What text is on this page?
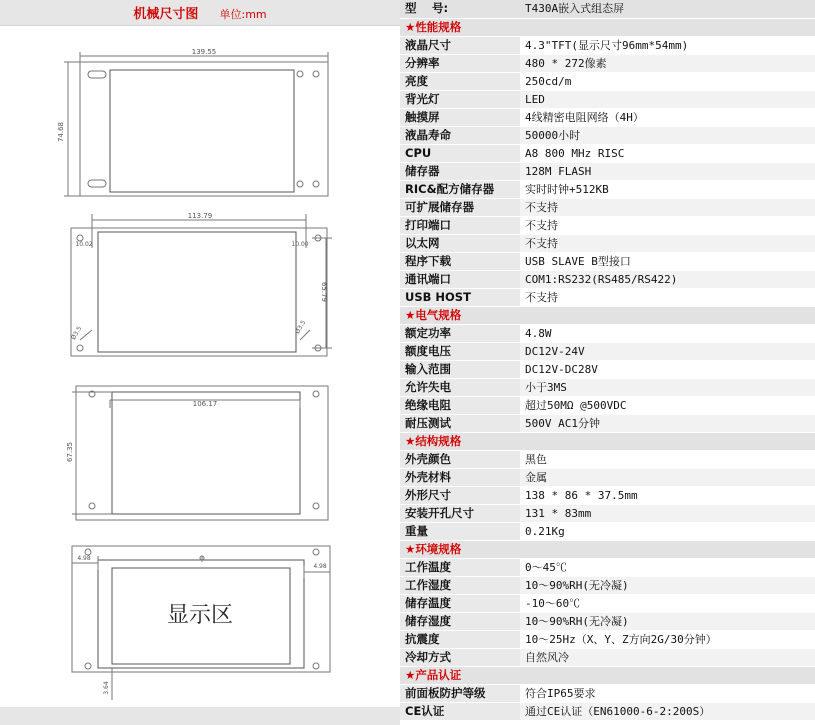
机械尺寸图 单位:mm
139.55
74.68
113.79
10.02	10.00
65.79
Ø3.5	Ø3.5
106.17
67.35
4.98
4.98
3.64
显示区
型　 号:	T430A嵌入式组态屏
★性能规格	
液晶尺寸	4.3"TFT(显示尺寸96mm*54mm)
分辨率	480 * 272像素
亮度	250cd/m
背光灯	LED
触摸屏	4线精密电阻网络（4H）
液晶寿命	50000小时
CPU	A8 800 MHz RISC
储存器	128M FLASH
RIC&配方储存器	实时时钟+512KB
可扩展储存器	不支持
打印端口	不支持
以太网	不支持
程序下载	USB SLAVE B型接口
通讯端口	COM1:RS232(RS485/RS422)
USB HOST	不支持
★电气规格	
额定功率	4.8W
额度电压	DC12V-24V
输入范围	DC12V-DC28V
允许失电	小于3MS
绝缘电阻	超过50MΩ @500VDC
耐压测试	500V AC1分钟
★结构规格	
外壳颜色	黑色
外壳材料	金属
外形尺寸	138 * 86 * 37.5mm
安装开孔尺寸	131 * 83mm
重量	0.21Kg
★环境规格	
工作温度	0～45℃
工作湿度	10～90%RH(无冷凝)
储存温度	-10～60℃
储存湿度	10～90%RH(无冷凝)
抗震度	10～25Hz（X、Y、Z方向2G/30分钟）
冷却方式	自然风冷
★产品认证	
前面板防护等级	符合IP65要求
CE认证	通过CE认证（EN61000-6-2:200S）
